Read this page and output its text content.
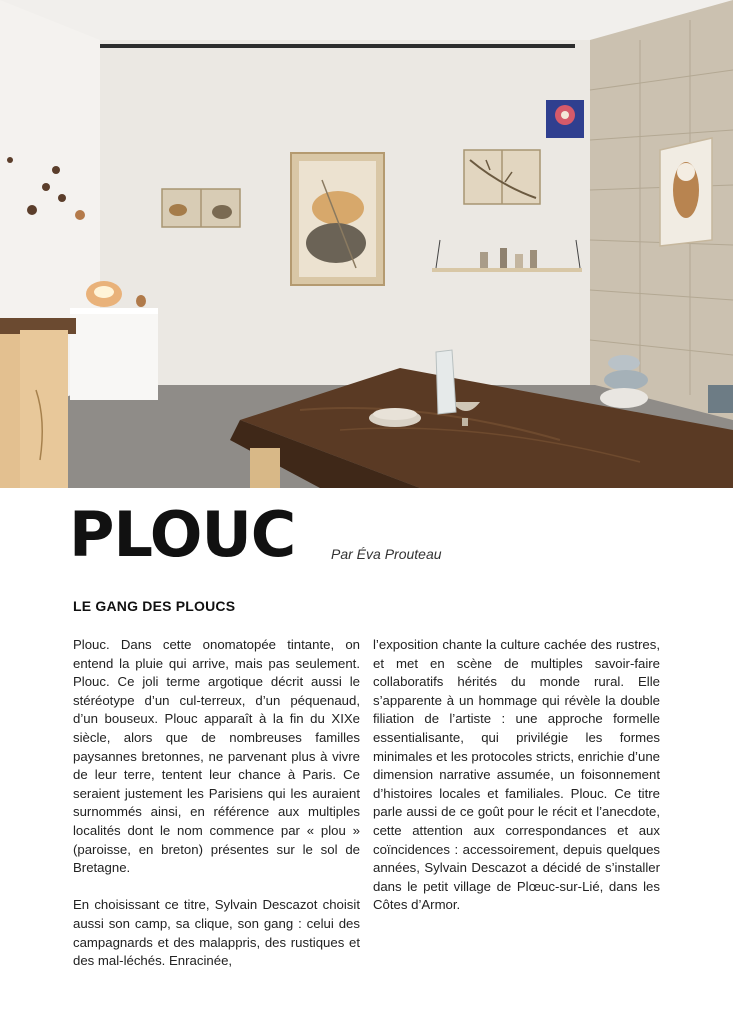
PLOUC	Par Éva Prouteau
LE GANG DES PLOUCS

Plouc. Dans cette onomatopée tintante, on entend la pluie qui arrive, mais pas seulement. Plouc. Ce joli terme argotique décrit aussi le stéréotype d’un cul-terreux, d’un péquenaud, d’un bouseux. Plouc apparaît à la fin du XIXe siècle, alors que de nombreuses familles paysannes bretonnes, ne parvenant plus à vivre de leur terre, tentent leur chance à Paris. Ce seraient justement les Parisiens qui les auraient surnommés ainsi, en référence aux multiples localités dont le nom commence par « plou » (paroisse, en breton) présentes sur le sol de Bretagne.

En choisissant ce titre, Sylvain Descazot choisit aussi son camp, sa clique, son gang : celui des campagnards et des malappris, des rustiques et des mal-léchés. Enracinée,

l’exposition chante la culture cachée des rustres, et met en scène de multiples savoir-faire collaboratifs hérités du monde rural. Elle s’apparente à un hommage qui révèle la double filiation de l’artiste : une approche formelle essentialisante, qui privilégie les formes minimales et les protocoles stricts, enrichie d’une dimension narrative assumée, un foisonnement d’histoires locales et familiales. Plouc. Ce titre parle aussi de ce goût pour le récit et l’anecdote, cette attention aux correspondances et aux coïncidences : accessoirement, depuis quelques années, Sylvain Descazot a décidé de s’installer dans le petit village de Plœuc-sur-Lié, dans les Côtes d’Armor.
